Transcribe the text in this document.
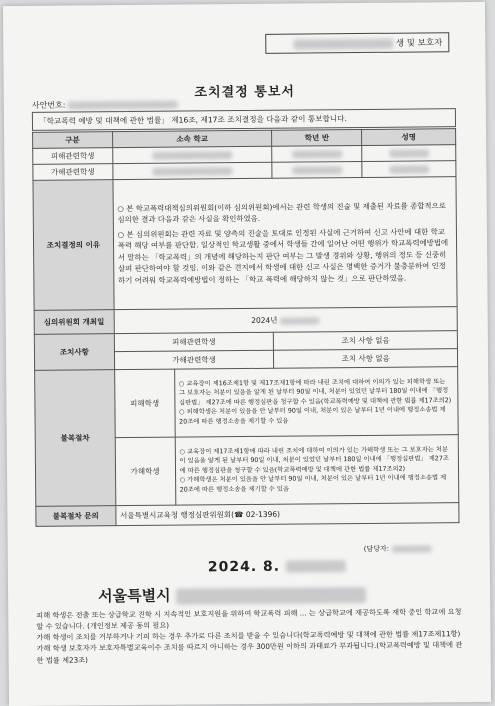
생 및 보호자
조치결정 통보서
사안번호:
「학교폭력 예방 및 대책에 관한 법률」 제16조, 제17조 조치결정을 다음과 같이 통보합니다.
구분	소속 학교		학년 반	성명
피해관련학생				
가해관련학생				
조치결정의 이유	○ 본 학교폭력대책심의위원회(이하 심의위원회)에서는 관련 학생의 진술 및 제출된 자료를 종합적으로 심의한 결과 다음과 같은 사실을 확인하였음.
○ 본 심의위원회는 관련 자료 및 양측의 진술을 토대로 인정된 사실에 근거하여 신고 사안에 대한 학교폭력 해당 여부를 판단함. 일상적인 학교생활 중에서 학생들 간에 일어난 어떤 행위가 학교폭력예방법에서 말하는 「학교폭력」의 개념에 해당하는지 판단 여부는 그 발생 경위와 상황, 행위의 정도 등 신중히 살펴 판단하여야 할 것임. 이와 같은 견지에서 학생에 대한 신고 사실은 명백한 증거가 불충분하여 인정하기 어려워 학교폭력예방법이 정하는 「학교 폭력에 해당하지 않는 것」으로 판단하였음.			

심의위원회 개최일	2024년			
조치사항	피해관련학생		조치 사항 없음	
	가해관련학생		조치 사항 없음	
불복절차	피해학생	○ 교육장이 제16조제1항 및 제17조제1항에 따라 내린 조치에 대하여 이의가 있는 피해학생 또는 그 보호자는 처분이 있음을 알게 된 날부터 90일 이내, 처분이 있었던 날부터 180일 이내에 「행정심판법」 제27조에 따른 행정심판을 청구할 수 있음(학교폭력예방 및 대책에 관한 법률 제17조의2)
○ 피해학생은 처분이 있음을 안 날부터 90일 이내, 처분이 있은 날부터 1년 이내에 행정소송법 제20조에 따른 행정소송을 제기할 수 있음		

	가해학생	○ 교육장이 제17조제1항에 따라 내린 조치에 대하여 이의가 있는 가해학생 또는 그 보호자는 처분이 있음을 알게 된 날부터 90일 이내, 처분이 있었던 날부터 180일 이내에 「행정심판법」 제27조에 따른 행정심판을 청구할 수 있음(학교폭력예방 및 대책에 관한 법률 제17조의2)
○ 가해학생은 처분이 있음을 안 날부터 90일 이내, 처분이 있은 날부터 1년 이내에 행정소송법 제20조에 따른 행정소송을 제기할 수 있음		

불복절차 문의	서울특별시교육청 행정심판위원회(☎ 02-1396)			
(담당자:
2024. 8.
서울특별시

피해 학생은 전출 또는 상급학교 진학 시 지속적인 보호지원을 위하여 학교폭력 피해 ... 는 상급학교에 재공하도록 재학 중인 학교에 요청할 수 있습니다. (개인정보 제공 동의 필요)

가해 학생이 조치를 거부하거나 기피 하는 경우 추가로 다른 조치를 받을 수 있습니다(학교폭력예방 및 대책에 관한 법률 제17조제11항)

가해 학생 보호자가 보호자특별교육이수 조치를 따르지 아니하는 경우 300만원 이하의 과태료가 부과됩니다.(학교폭력예방 및 대책에 관한 법률 제23조)
